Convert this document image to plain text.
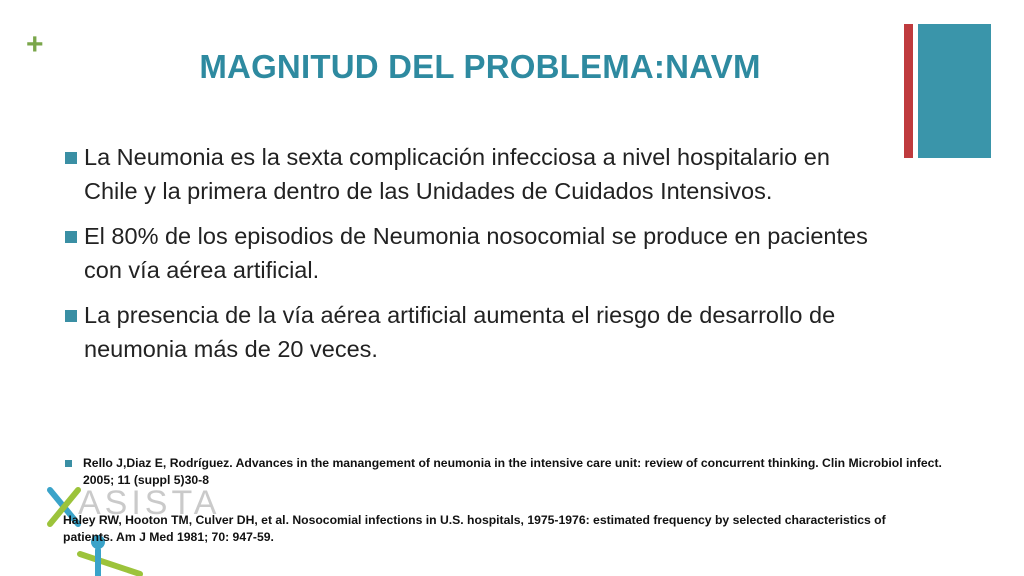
+
MAGNITUD DEL PROBLEMA:NAVM
La Neumonia es la sexta complicación infecciosa a nivel hospitalario en Chile y la primera dentro de las Unidades de Cuidados Intensivos.
El 80% de los episodios de Neumonia nosocomial se produce en pacientes con vía aérea artificial.
La presencia de la vía aérea artificial aumenta el riesgo de desarrollo de neumonia más de 20 veces.
ASISTA
Rello J,Diaz E, Rodríguez. Advances in the manangement of neumonia in the intensive care unit: review of concurrent thinking. Clin Microbiol infect. 2005; 11 (suppl 5)30-8
Haley RW, Hooton TM, Culver DH, et al. Nosocomial infections in U.S. hospitals, 1975-1976: estimated frequency by selected characteristics of patients. Am J Med 1981; 70: 947-59.
